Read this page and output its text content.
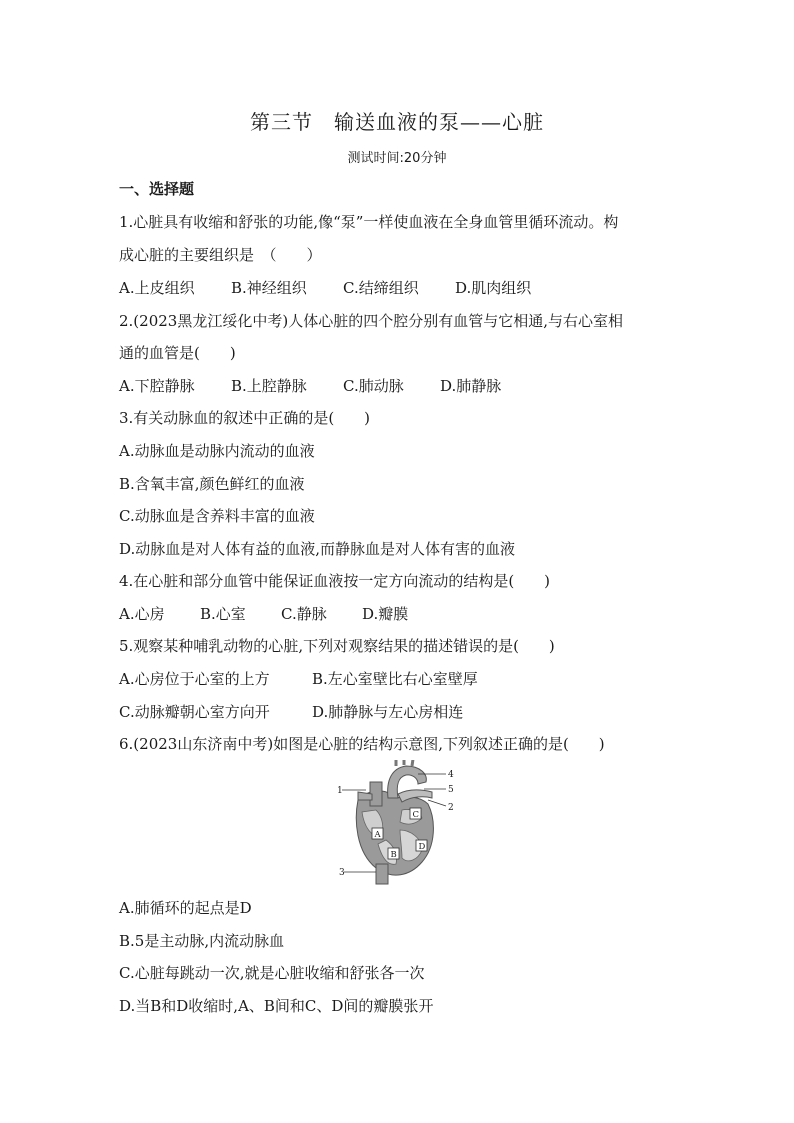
第三节　输送血液的泵——心脏
测试时间:20分钟
一、选择题
1.心脏具有收缩和舒张的功能,像“泵”一样使血液在全身血管里循环流动。构
成心脏的主要组织是　（　　）
A.上皮组织 B.神经组织 C.结缔组织 D.肌肉组织
2.(2023黑龙江绥化中考)人体心脏的四个腔分别有血管与它相通,与右心室相
通的血管是(　　)
A.下腔静脉 B.上腔静脉 C.肺动脉 D.肺静脉
3.有关动脉血的叙述中正确的是(　　)
A.动脉血是动脉内流动的血液
B.含氧丰富,颜色鲜红的血液
C.动脉血是含养料丰富的血液
D.动脉血是对人体有益的血液,而静脉血是对人体有害的血液
4.在心脏和部分血管中能保证血液按一定方向流动的结构是(　　)
A.心房 B.心室 C.静脉 D.瓣膜
5.观察某种哺乳动物的心脏,下列对观察结果的描述错误的是(　　)
A.心房位于心室的上方	B.左心室壁比右心室壁厚
C.动脉瓣朝心室方向开	D.肺静脉与左心房相连
6.(2023山东济南中考)如图是心脏的结构示意图,下列叙述正确的是(　　)
1
2
3
4
5
A
B
C
D
A.肺循环的起点是D
B.5是主动脉,内流动脉血
C.心脏每跳动一次,就是心脏收缩和舒张各一次
D.当B和D收缩时,A、B间和C、D间的瓣膜张开
